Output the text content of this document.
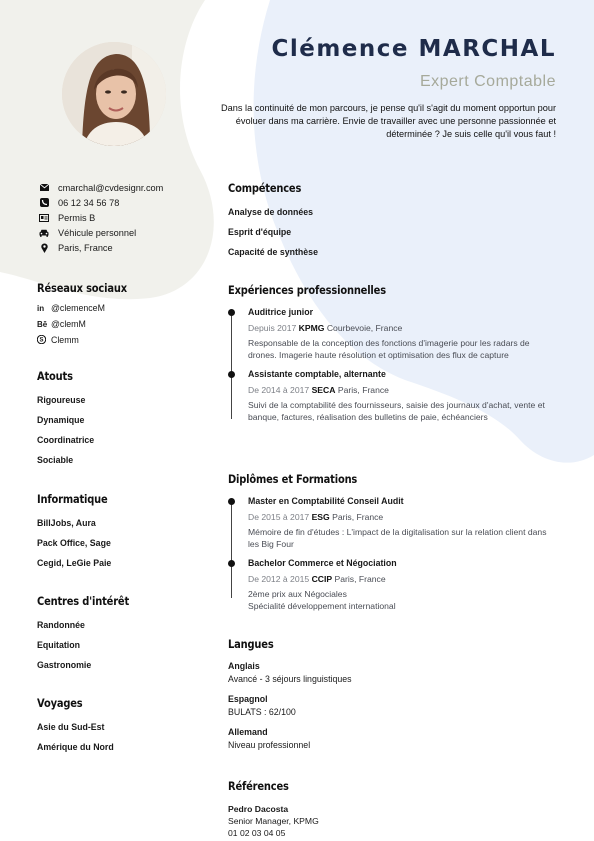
Clémence MARCHAL
Expert Comptable
Dans la continuité de mon parcours, je pense qu'il s'agit du moment opportun pour évoluer dans ma carrière. Envie de travailler avec une personne passionnée et déterminée ? Je suis celle qu'il vous faut !
cmarchal@cvdesignr.com
06 12 34 56 78
Permis B
Véhicule personnel
Paris, France
Réseaux sociaux
in @clemenceM
Bē @clemM
S Clemm
Atouts
Rigoureuse
Dynamique
Coordinatrice
Sociable
Informatique
BillJobs, Aura
Pack Office, Sage
Cegid, LeGie Paie
Centres d'intérêt
Randonnée
Equitation
Gastronomie
Voyages
Asie du Sud-Est
Amérique du Nord
Compétences
Analyse de données
Esprit d'équipe
Capacité de synthèse
Expériences professionnelles
Auditrice junior
Depuis 2017 KPMG Courbevoie, France
Responsable de la conception des fonctions d'imagerie pour les radars de drones. Imagerie haute résolution et optimisation des flux de capture
Assistante comptable, alternante
De 2014 à 2017 SECA Paris, France
Suivi de la comptabilité des fournisseurs, saisie des journaux d'achat, vente et banque, factures, réalisation des bulletins de paie, échéanciers
Diplômes et Formations
Master en Comptabilité Conseil Audit
De 2015 à 2017 ESG Paris, France
Mémoire de fin d'études : L'impact de la digitalisation sur la relation client dans les Big Four
Bachelor Commerce et Négociation
De 2012 à 2015 CCIP Paris, France
2ème prix aux Négociales
Spécialité développement international
Langues
Anglais
Avancé - 3 séjours linguistiques
Espagnol
BULATS : 62/100
Allemand
Niveau professionnel
Références
Pedro Dacosta
Senior Manager, KPMG
01 02 03 04 05
